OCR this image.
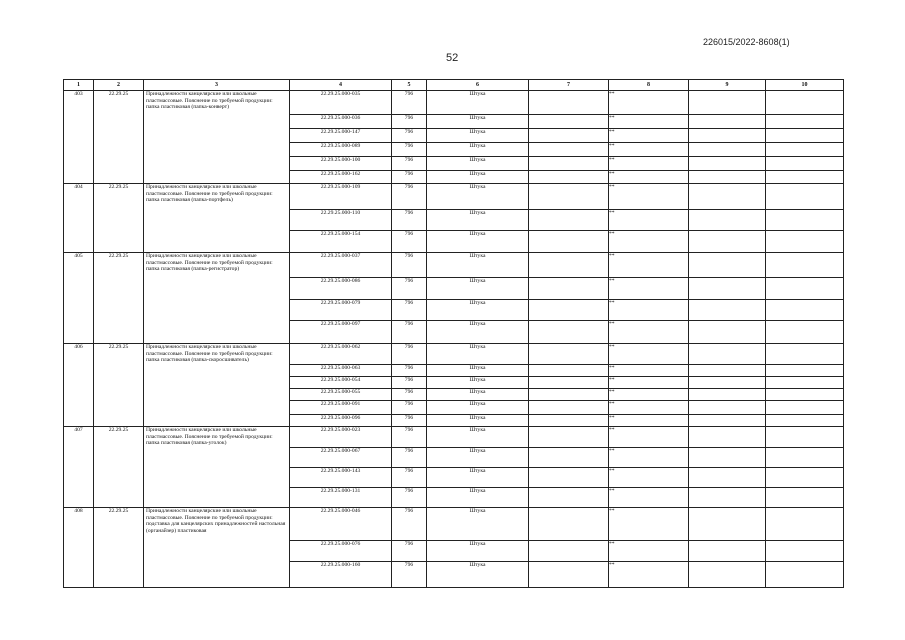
226015/2022-8608(1)
52
1	2	3	4	5	6	7	8	9	10
403	22.29.25	Принадлежности канцелярские или школьные пластмассовые. Пояснение по требуемой продукции: папка пластиковая (папка-конверт)	22.29.25.000-035	796	Штука		**		
			22.29.25.000-036	796	Штука		**		
			22.29.25.000-147	796	Штука		**		
			22.29.25.000-089	796	Штука		**		
			22.29.25.000-100	796	Штука		**		
			22.29.25.000-162	796	Штука		**		
404	22.29.25	Принадлежности канцелярские или школьные пластмассовые. Пояснение по требуемой продукции: папка пластиковая (папка-портфель)	22.29.25.000-109	796	Штука		**		
			22.29.25.000-110	796	Штука		**		
			22.29.25.000-154	796	Штука		**		
405	22.29.25	Принадлежности канцелярские или школьные пластмассовые. Пояснение по требуемой продукции: папка пластиковая (папка-регистратор)	22.29.25.000-037	796	Штука		**		
			22.29.25.000-086	796	Штука		**		
			22.29.25.000-079	796	Штука		**		
			22.29.25.000-097	796	Штука		**		
406	22.29.25	Принадлежности канцелярские или школьные пластмассовые. Пояснение по требуемой продукции: папка пластиковая (папка-скоросшиватель)	22.29.25.000-062	796	Штука		**		
			22.29.25.000-063	796	Штука		**		
			22.29.25.000-054	796	Штука		**		
			22.29.25.000-055	796	Штука		**		
			22.29.25.000-091	796	Штука		**		
			22.29.25.000-096	796	Штука		**		
407	22.29.25	Принадлежности канцелярские или школьные пластмассовые. Пояснение по требуемой продукции: папка пластиковая (папка-уголок)	22.29.25.000-023	796	Штука		**		
			22.29.25.000-067	796	Штука		**		
			22.29.25.000-143	796	Штука		**		
			22.29.25.000-131	796	Штука		**		
408	22.29.25	Принадлежности канцелярские или школьные пластмассовые. Пояснение по требуемой продукции: подставка для канцелярских принадлежностей настольная (органайзер) пластиковая	22.29.25.000-046	796	Штука		**		
			22.29.25.000-076	796	Штука		**		
			22.29.25.000-160	796	Штука		**		
